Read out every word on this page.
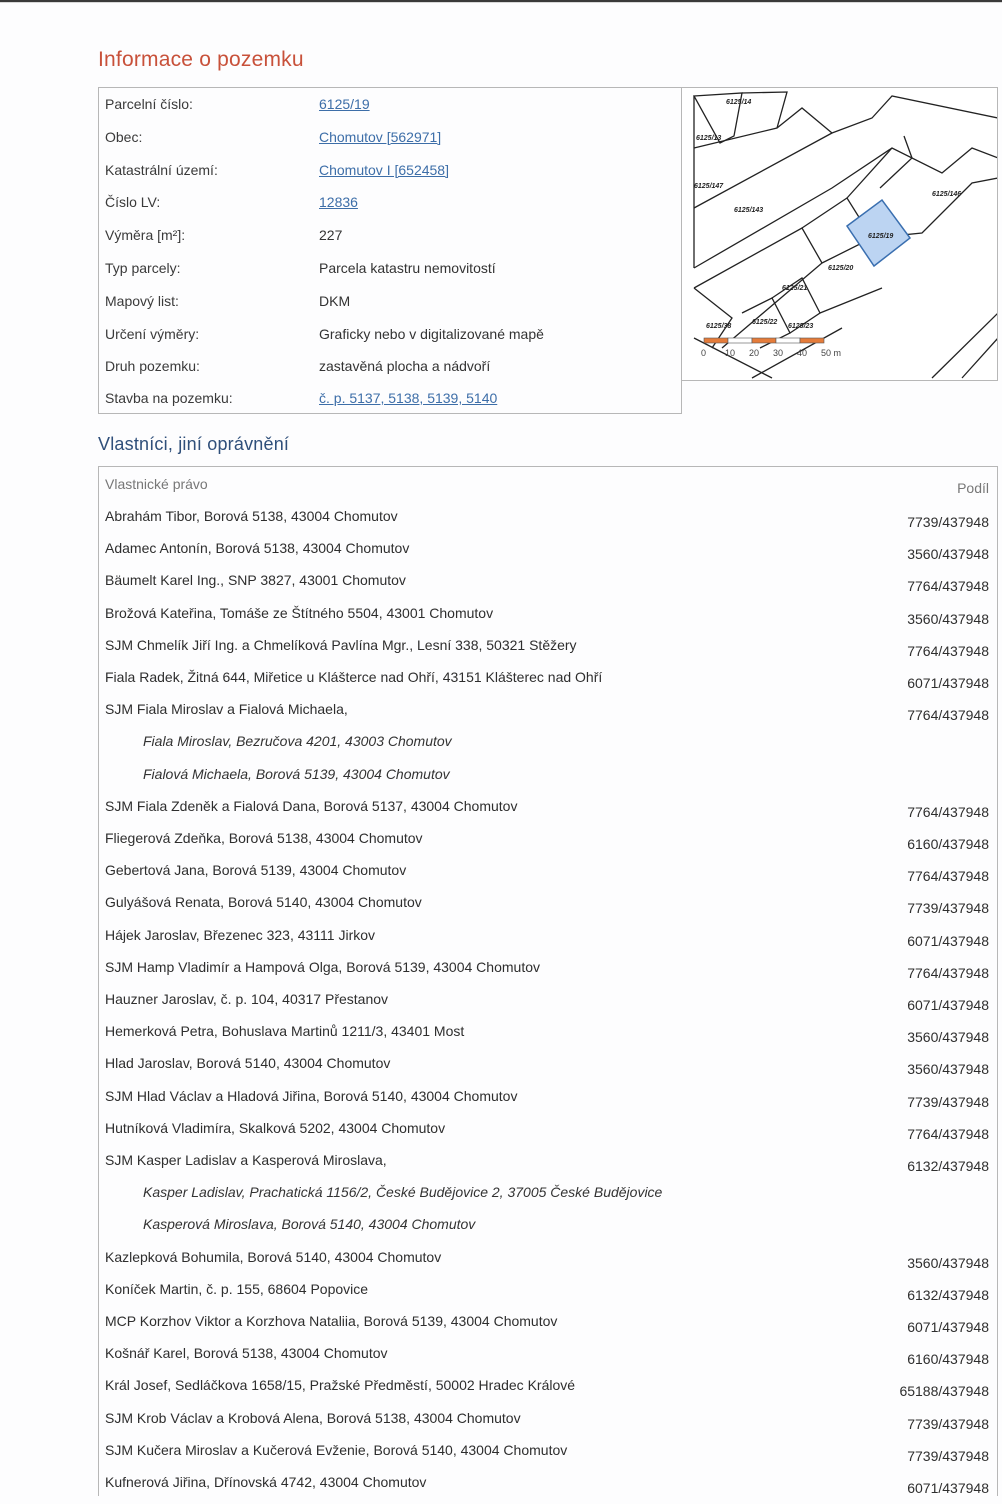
Informace o pozemku
Parcelní číslo:	6125/19
Obec:	Chomutov [562971]
Katastrální území:	Chomutov I [652458]
Číslo LV:	12836
Výměra [m²]:	227
Typ parcely:	Parcela katastru nemovitostí
Mapový list:	DKM
Určení výměry:	Graficky nebo v digitalizované mapě
Druh pozemku:	zastavěná plocha a nádvoří
Stavba na pozemku:	č. p. 5137, 5138, 5139, 5140
6125/14
6125/13
6125/147
6125/143
6125/146
6125/19
6125/20
6125/21
6125/22
6125/23
6125/38
0 10 20 30 40 50 m
Vlastníci, jiní oprávnění
Vlastnické právo	Podíl
Abrahám Tibor, Borová 5138, 43004 Chomutov	7739/437948
Adamec Antonín, Borová 5138, 43004 Chomutov	3560/437948
Bäumelt Karel Ing., SNP 3827, 43001 Chomutov	7764/437948
Brožová Kateřina, Tomáše ze Štítného 5504, 43001 Chomutov	3560/437948
SJM Chmelík Jiří Ing. a Chmelíková Pavlína Mgr., Lesní 338, 50321 Stěžery	7764/437948
Fiala Radek, Žitná 644, Miřetice u Klášterce nad Ohří, 43151 Klášterec nad Ohří	6071/437948
SJM Fiala Miroslav a Fialová Michaela,	7764/437948
Fiala Miroslav, Bezručova 4201, 43003 Chomutov
Fialová Michaela, Borová 5139, 43004 Chomutov
SJM Fiala Zdeněk a Fialová Dana, Borová 5137, 43004 Chomutov	7764/437948
Fliegerová Zdeňka, Borová 5138, 43004 Chomutov	6160/437948
Gebertová Jana, Borová 5139, 43004 Chomutov	7764/437948
Gulyášová Renata, Borová 5140, 43004 Chomutov	7739/437948
Hájek Jaroslav, Březenec 323, 43111 Jirkov	6071/437948
SJM Hamp Vladimír a Hampová Olga, Borová 5139, 43004 Chomutov	7764/437948
Hauzner Jaroslav, č. p. 104, 40317 Přestanov	6071/437948
Hemerková Petra, Bohuslava Martinů 1211/3, 43401 Most	3560/437948
Hlad Jaroslav, Borová 5140, 43004 Chomutov	3560/437948
SJM Hlad Václav a Hladová Jiřina, Borová 5140, 43004 Chomutov	7739/437948
Hutníková Vladimíra, Skalková 5202, 43004 Chomutov	7764/437948
SJM Kasper Ladislav a Kasperová Miroslava,	6132/437948
Kasper Ladislav, Prachatická 1156/2, České Budějovice 2, 37005 České Budějovice
Kasperová Miroslava, Borová 5140, 43004 Chomutov
Kazlepková Bohumila, Borová 5140, 43004 Chomutov	3560/437948
Koníček Martin, č. p. 155, 68604 Popovice	6132/437948
MCP Korzhov Viktor a Korzhova Nataliia, Borová 5139, 43004 Chomutov	6071/437948
Košnář Karel, Borová 5138, 43004 Chomutov	6160/437948
Král Josef, Sedláčkova 1658/15, Pražské Předměstí, 50002 Hradec Králové	65188/437948
SJM Krob Václav a Krobová Alena, Borová 5138, 43004 Chomutov	7739/437948
SJM Kučera Miroslav a Kučerová Evženie, Borová 5140, 43004 Chomutov	7739/437948
Kufnerová Jiřina, Dřínovská 4742, 43004 Chomutov	6071/437948
